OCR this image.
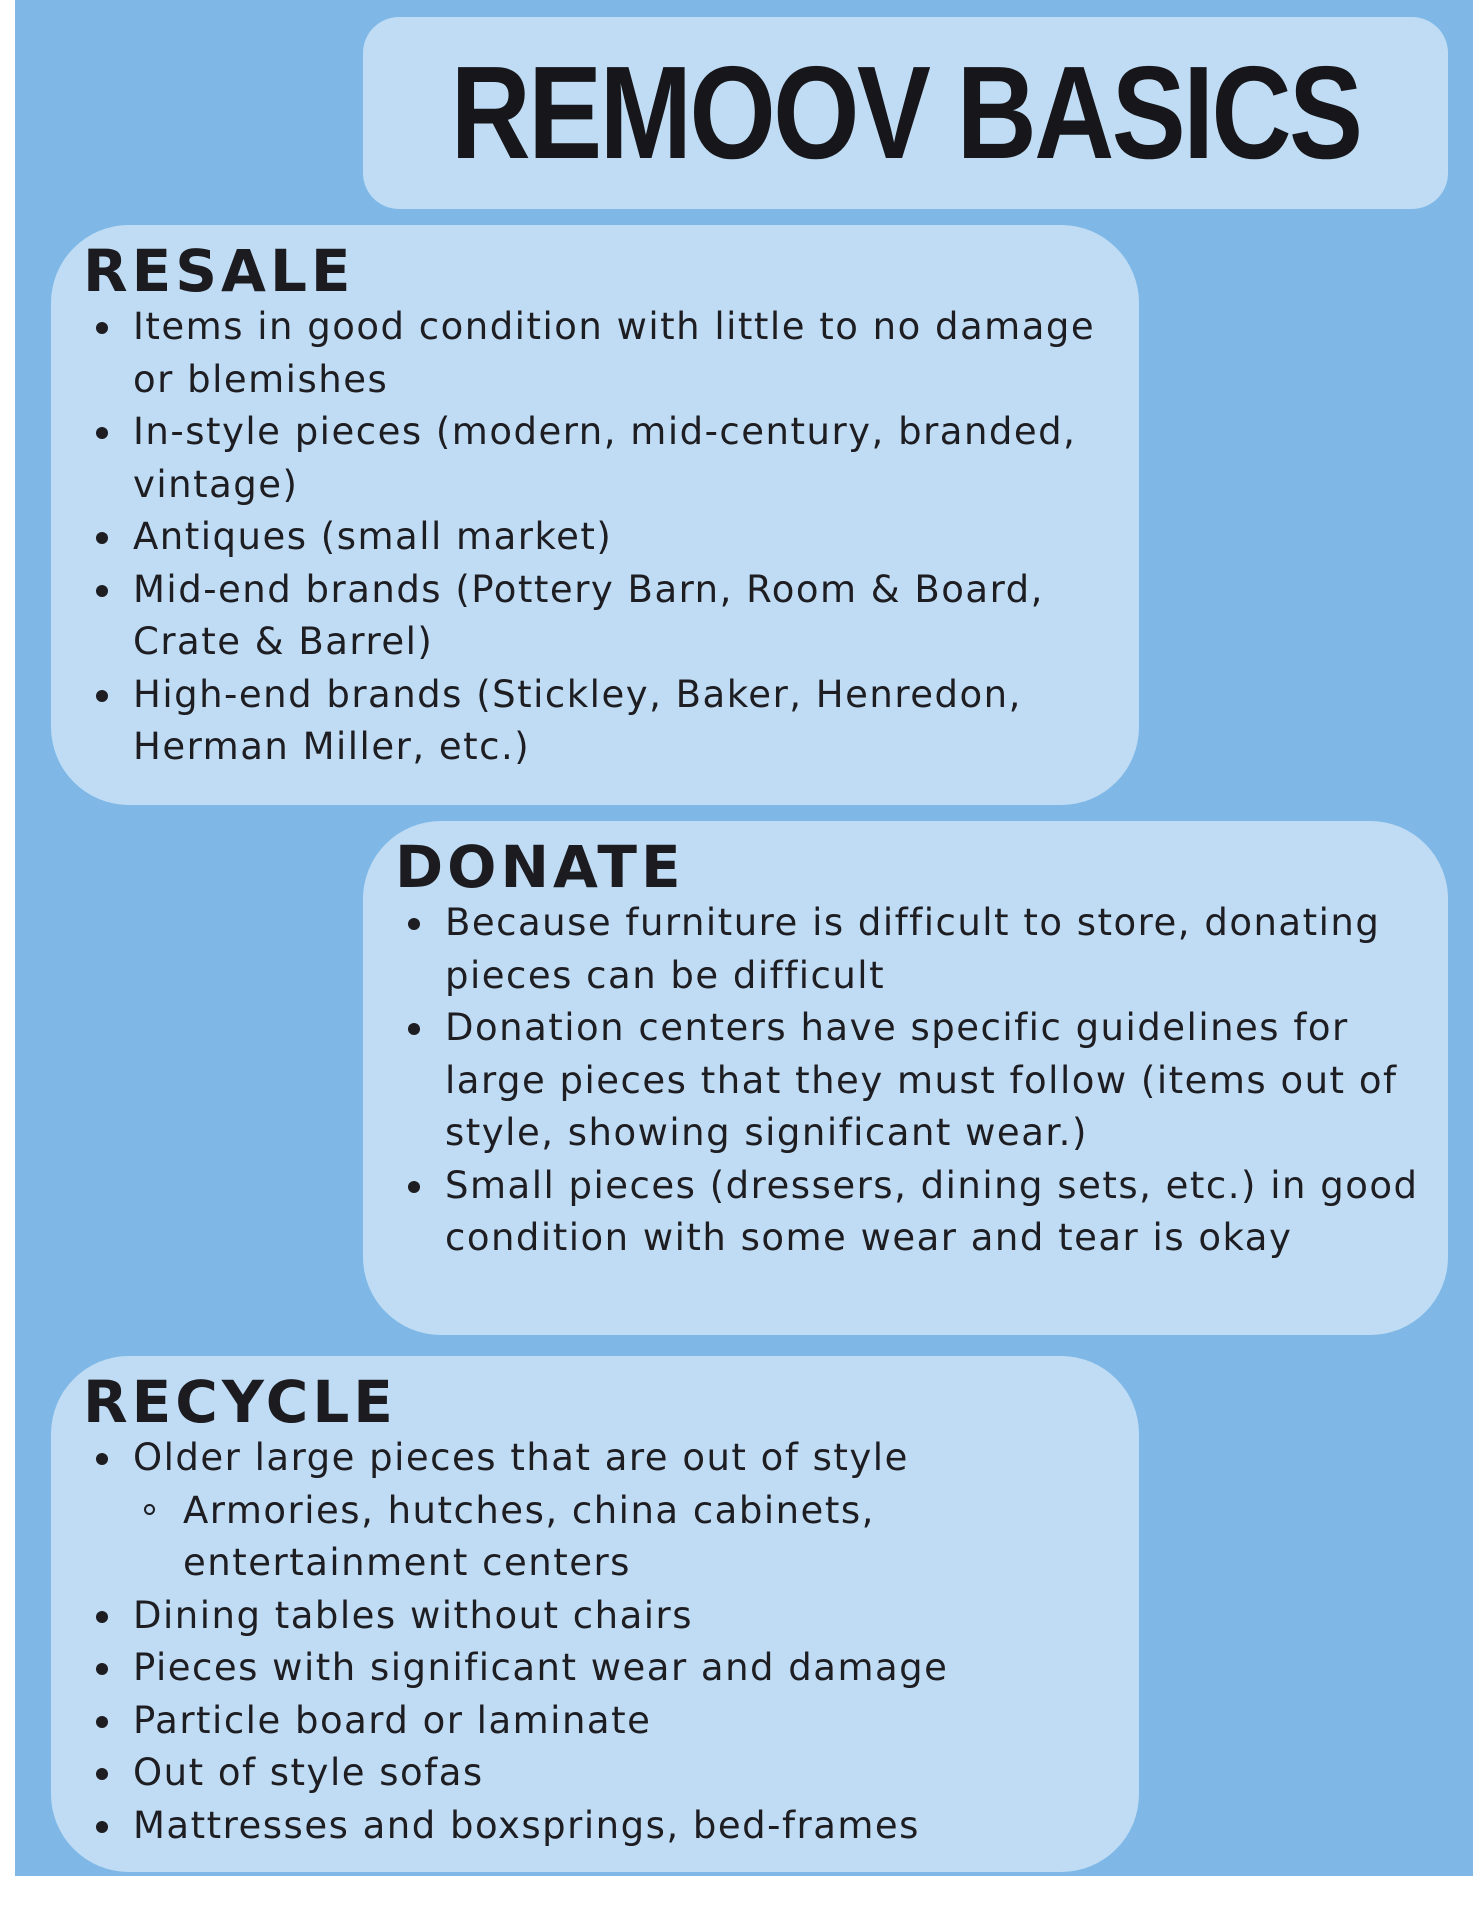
REMOOV BASICS
RESALE
Items in good condition with little to no damage or blemishes
In-style pieces (modern, mid-century, branded, vintage)
Antiques (small market)
Mid-end brands (Pottery Barn, Room & Board, Crate & Barrel)
High-end brands (Stickley, Baker, Henredon, Herman Miller, etc.)
DONATE
Because furniture is difficult to store, donating pieces can be difficult
Donation centers have specific guidelines for large pieces that they must follow (items out of style, showing significant wear.)
Small pieces (dressers, dining sets, etc.) in good condition with some wear and tear is okay
RECYCLE
Older large pieces that are out of style
Armories, hutches, china cabinets, entertainment centers
Dining tables without chairs
Pieces with significant wear and damage
Particle board or laminate
Out of style sofas
Mattresses and boxsprings, bed-frames
